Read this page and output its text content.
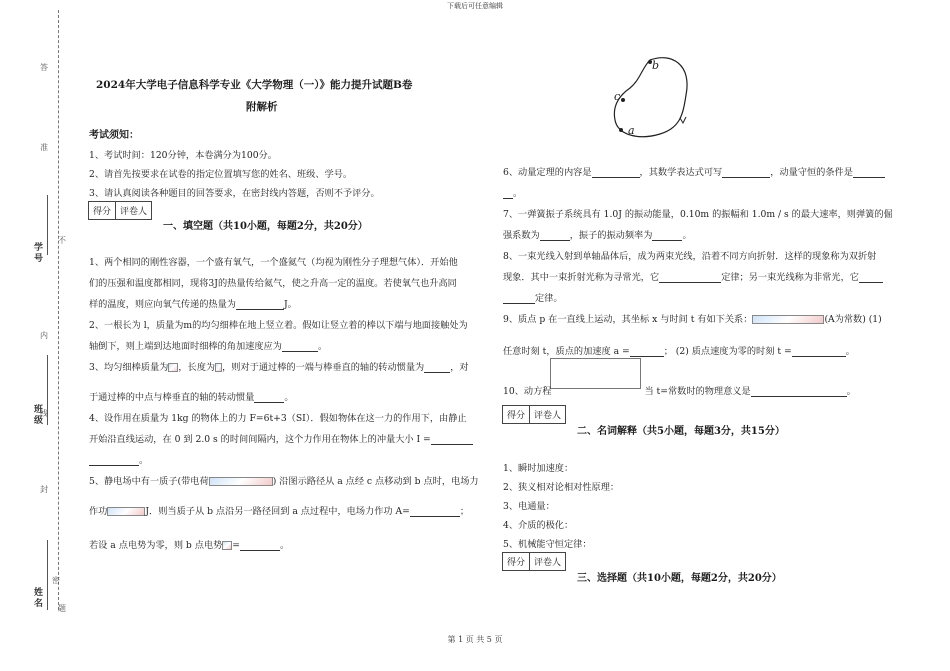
下载后可任意编辑
第 1 页 共 5 页
答
准
不
内
线
封
密
题
学号
班级
姓名
2024年大学电子信息科学专业《大学物理（一）》能力提升试题B卷
附解析
考试须知：
1、考试时间：120分钟，本卷满分为100分。
2、请首先按要求在试卷的指定位置填写您的姓名、班级、学号。
3、请认真阅读各种题目的回答要求，在密封线内答题，否则不予评分。
得分	评卷人
一、填空题（共10小题，每题2分，共20分）
1、两个相同的刚性容器，一个盛有氧气，一个盛氦气（均视为刚性分子理想气体）．开始他
们的压强和温度都相同，现将3J的热量传给氦气，使之升高一定的温度。若使氧气也升高同
样的温度，则应向氧气传递的热量为	J。
2、一根长为 l，质量为m的均匀细棒在地上竖立着。假如让竖立着的棒以下端与地面接触处为
轴倒下，则上端到达地面时细棒的角加速度应为	。
3、均匀细棒质量为 ，长度为 ，则对于通过棒的一端与棒垂直的轴的转动惯量为	，对
于通过棒的中点与棒垂直的轴的转动惯量	。
4、设作用在质量为 1kg 的物体上的力 F=6t+3（SI）．假如物体在这一力的作用下，由静止
开始沿直线运动，在 0 到 2.0 s 的时间间隔内，这个力作用在物体上的冲量大小 I =
。
5、静电场中有一质子(带电荷	) 沿图示路径从 a 点经 c 点移动到 b 点时，电场力
作功	J．则当质子从 b 点沿另一路径回到 a 点过程中，电场力作功 A=	；
若设 a 点电势为零，则 b 点电势 =	。
b
c
a
6、动量定理的内容是	，其数学表达式可写	，动量守恒的条件是
。
7、一弹簧振子系统具有 1.0J 的振动能量，0.10m 的振幅和 1.0m / s 的最大速率，则弹簧的倔
强系数为	，振子的振动频率为	。
8、一束光线入射到单轴晶体后，成为两束光线，沿着不同方向折射．这样的现象称为双折射
现象．其中一束折射光称为寻常光，它	定律；另一束光线称为非常光，它
定律。
9、质点 p 在一直线上运动，其坐标 x 与时间 t 有如下关系：	(A为常数) (1)
任意时刻 t，质点的加速度 a =	； (2) 质点速度为零的时刻 t =	。
10、动方程	当 t=常数时的物理意义是	。
得分	评卷人
二、名词解释（共5小题，每题3分，共15分）
1、瞬时加速度：
2、狭义相对论相对性原理：
3、电通量：
4、介质的极化：
5、机械能守恒定律：
得分	评卷人
三、选择题（共10小题，每题2分，共20分）
